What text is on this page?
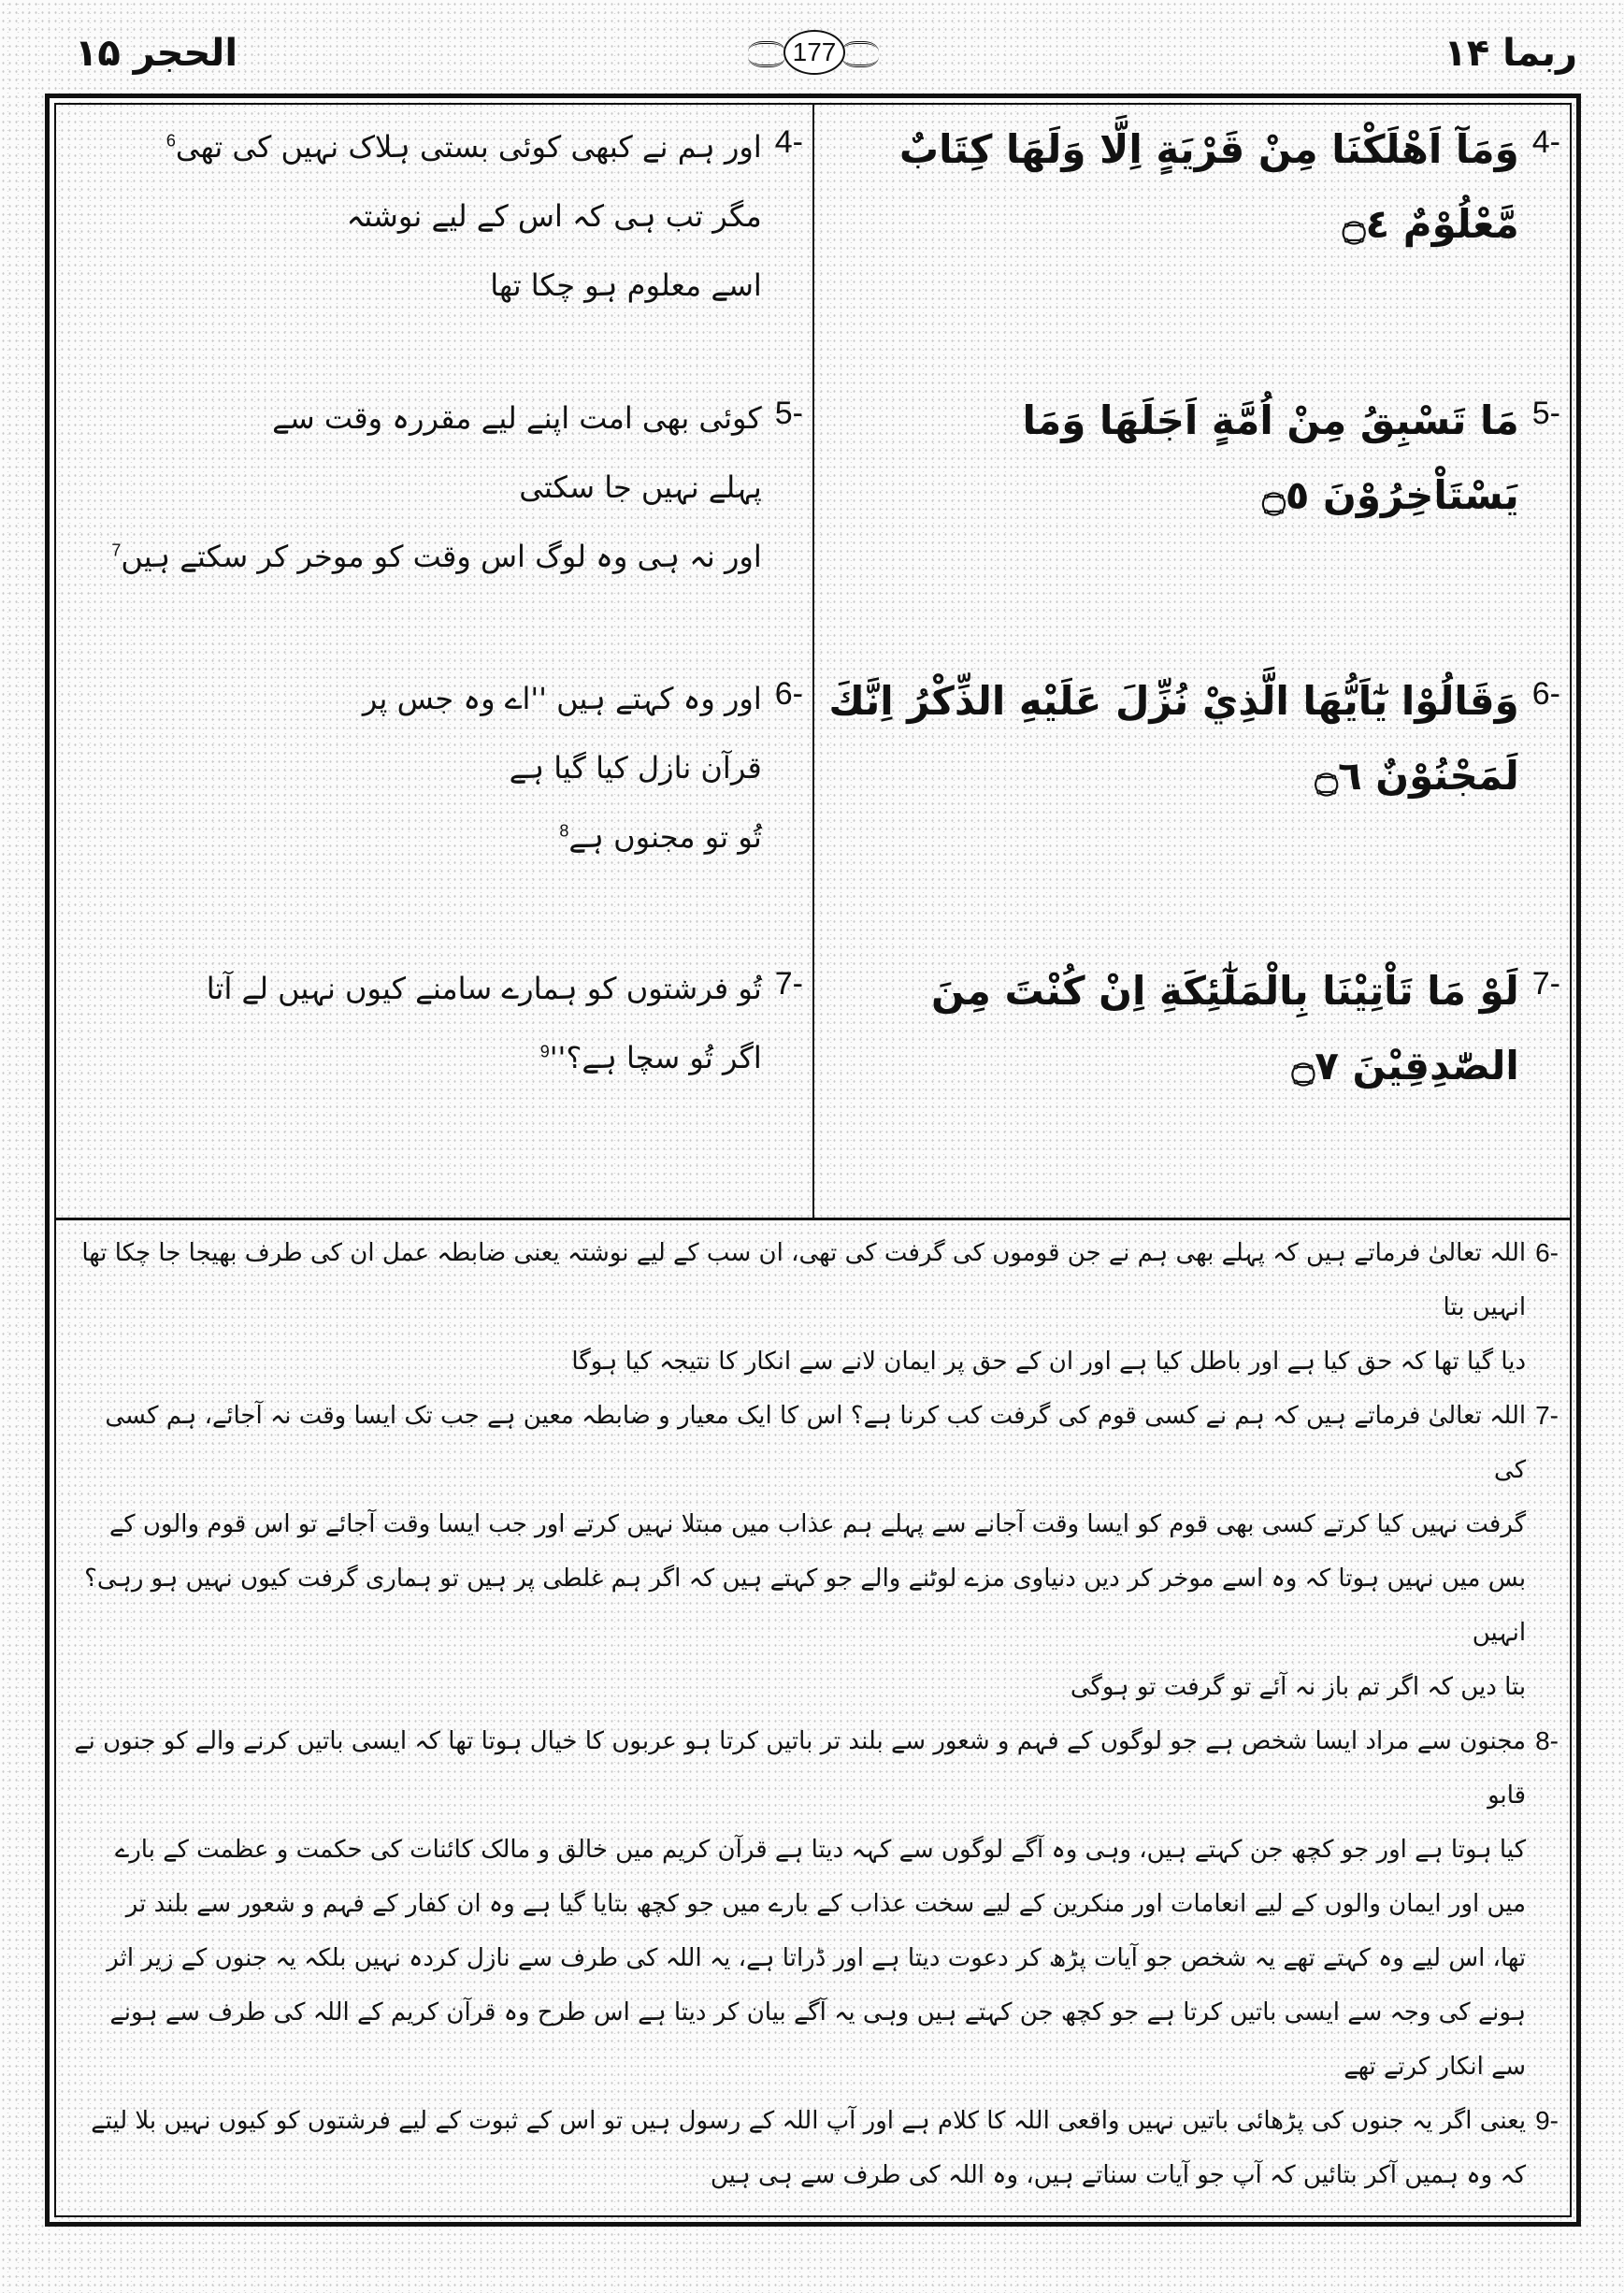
ربما ۱۴
الحجر ۱۵	177
4-
وَمَآ اَهْلَكْنَا مِنْ قَرْيَةٍ اِلَّا وَلَهَا كِتَابٌ
مَّعْلُوْمٌ ۝٤
4-
اور ہم نے کبھی کوئی بستی ہلاک نہیں کی تھی$^6$
مگر تب ہی کہ اس کے لیے نوشتہ
اسے معلوم ہو چکا تھا
5-
مَا تَسْبِقُ مِنْ اُمَّةٍ اَجَلَهَا وَمَا يَسْتَاْخِرُوْنَ ۝٥
5-
کوئی بھی امت اپنے لیے مقررہ وقت سے
پہلے نہیں جا سکتی
اور نہ ہی وہ لوگ اس وقت کو موخر کر سکتے ہیں$^7$
6-
وَقَالُوْا يٰٓاَيُّهَا الَّذِيْ نُزِّلَ عَلَيْهِ الذِّكْرُ اِنَّكَ
لَمَجْنُوْنٌ ۝٦
6-
اور وہ کہتے ہیں ''اے وہ جس پر
قرآن نازل کیا گیا ہے
تُو تو مجنوں ہے$^8$
7-
لَوْ مَا تَاْتِيْنَا بِالْمَلٰٓئِكَةِ اِنْ كُنْتَ مِنَ
الصّٰدِقِيْنَ ۝٧
7-
تُو فرشتوں کو ہمارے سامنے کیوں نہیں لے آتا
اگر تُو سچا $ہے؟''^9$
6-
اللہ تعالیٰ فرماتے ہیں کہ پہلے بھی ہم نے جن قوموں کی گرفت کی تھی، ان سب کے لیے نوشتہ یعنی ضابطہ عمل ان کی طرف بھیجا جا چکا تھا انہیں بتا
دیا گیا تھا کہ حق کیا ہے اور باطل کیا ہے اور ان کے حق پر ایمان لانے سے انکار کا نتیجہ کیا ہوگا
7-
اللہ تعالیٰ فرماتے ہیں کہ ہم نے کسی قوم کی گرفت کب کرنا ہے؟ اس کا ایک معیار و ضابطہ معین ہے جب تک ایسا وقت نہ آجائے، ہم کسی کی
گرفت نہیں کیا کرتے کسی بھی قوم کو ایسا وقت آجانے سے پہلے ہم عذاب میں مبتلا نہیں کرتے اور جب ایسا وقت آجائے تو اس قوم والوں کے
بس میں نہیں ہوتا کہ وہ اسے موخر کر دیں دنیاوی مزے لوٹنے والے جو کہتے ہیں کہ اگر ہم غلطی پر ہیں تو ہماری گرفت کیوں نہیں ہو رہی؟ انہیں
بتا دیں کہ اگر تم باز نہ آئے تو گرفت تو ہوگی
8-
مجنون سے مراد ایسا شخص ہے جو لوگوں کے فہم و شعور سے بلند تر باتیں کرتا ہو عربوں کا خیال ہوتا تھا کہ ایسی باتیں کرنے والے کو جنوں نے قابو
کیا ہوتا ہے اور جو کچھ جن کہتے ہیں، وہی وہ آگے لوگوں سے کہہ دیتا ہے قرآن کریم میں خالق و مالک کائنات کی حکمت و عظمت کے بارے
میں اور ایمان والوں کے لیے انعامات اور منکرین کے لیے سخت عذاب کے بارے میں جو کچھ بتایا گیا ہے وہ ان کفار کے فہم و شعور سے بلند تر
تھا، اس لیے وہ کہتے تھے یہ شخص جو آیات پڑھ کر دعوت دیتا ہے اور ڈراتا ہے، یہ اللہ کی طرف سے نازل کردہ نہیں بلکہ یہ جنوں کے زیر اثر
ہونے کی وجہ سے ایسی باتیں کرتا ہے جو کچھ جن کہتے ہیں وہی یہ آگے بیان کر دیتا ہے اس طرح وہ قرآن کریم کے اللہ کی طرف سے ہونے
سے انکار کرتے تھے
9-
یعنی اگر یہ جنوں کی پڑھائی باتیں نہیں واقعی اللہ کا کلام ہے اور آپ اللہ کے رسول ہیں تو اس کے ثبوت کے لیے فرشتوں کو کیوں نہیں بلا لیتے
کہ وہ ہمیں آکر بتائیں کہ آپ جو آیات سناتے ہیں، وہ اللہ کی طرف سے ہی ہیں
